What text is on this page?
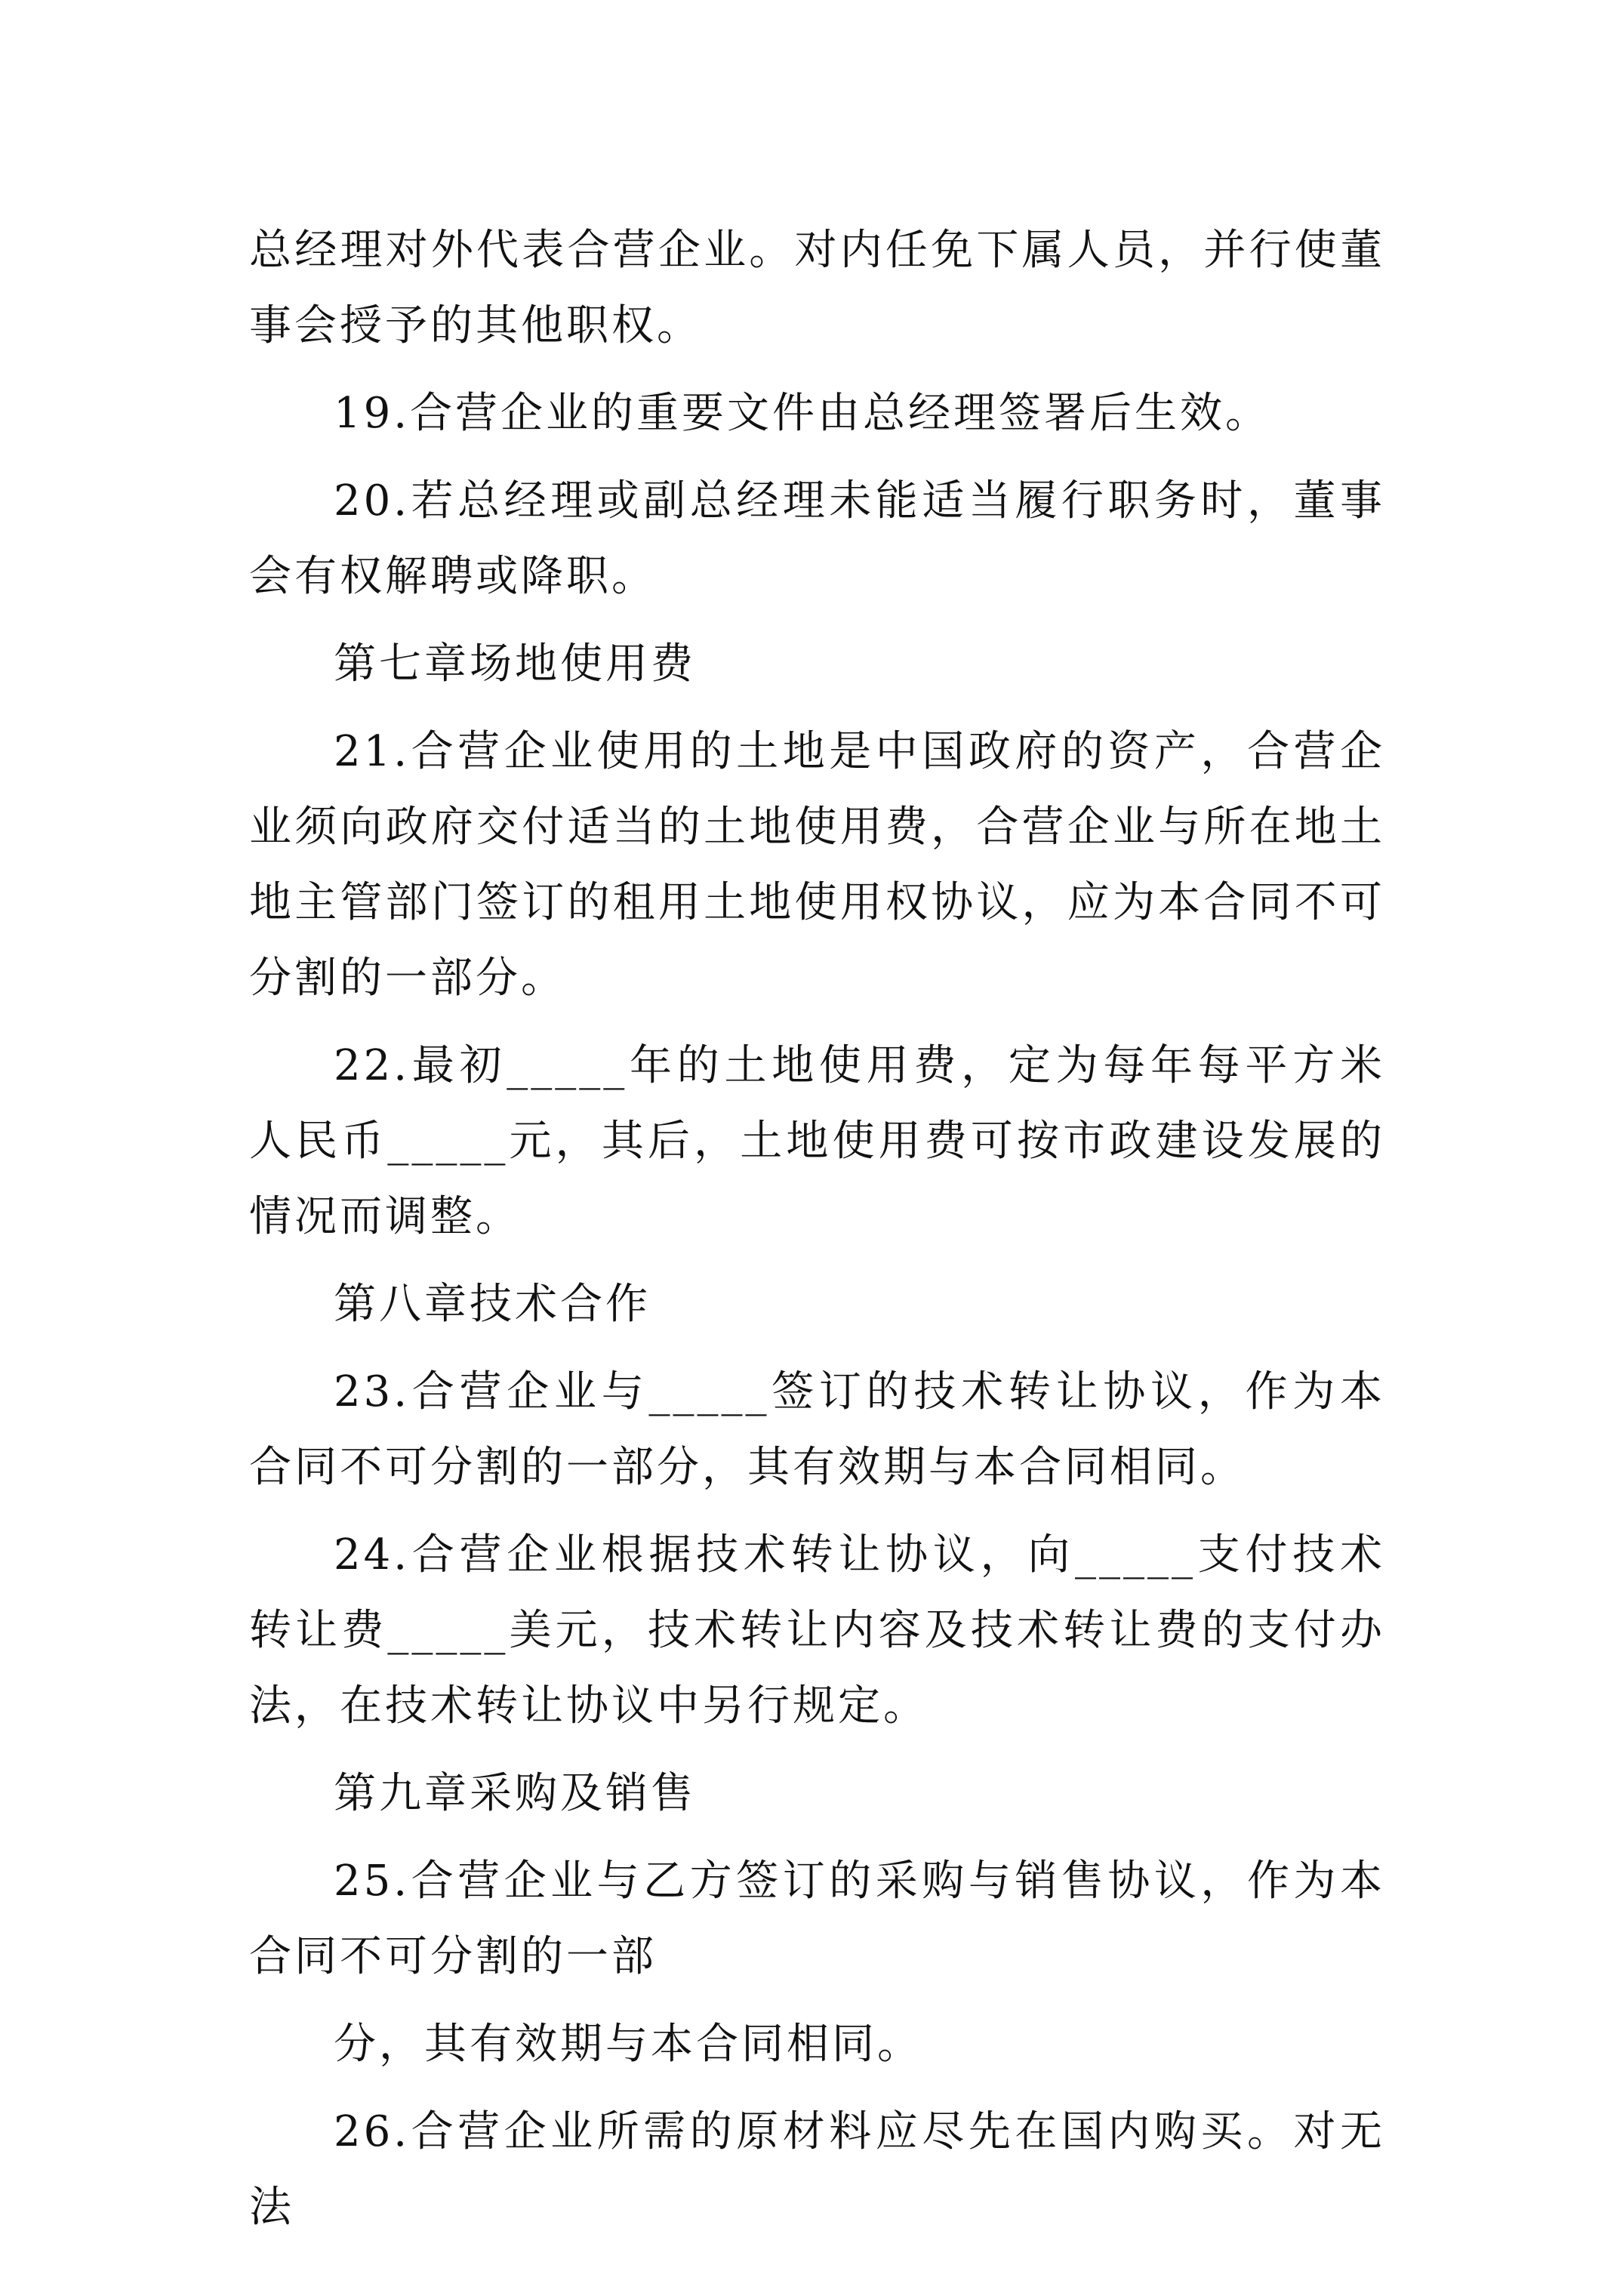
总经理对外代表合营企业。对内任免下属人员，并行使董事会授予的其他职权。

19.合营企业的重要文件由总经理签署后生效。

20.若总经理或副总经理未能适当履行职务时，董事会有权解聘或降职。

第七章场地使用费

21.合营企业使用的土地是中国政府的资产，合营企业须向政府交付适当的土地使用费，合营企业与所在地土地主管部门签订的租用土地使用权协议，应为本合同不可分割的一部分。

22.最初_____年的土地使用费，定为每年每平方米人民币_____元，其后，土地使用费可按市政建设发展的情况而调整。

第八章技术合作

23.合营企业与_____签订的技术转让协议，作为本合同不可分割的一部分，其有效期与本合同相同。

24.合营企业根据技术转让协议，向_____支付技术转让费_____美元，技术转让内容及技术转让费的支付办法，在技术转让协议中另行规定。

第九章采购及销售

25.合营企业与乙方签订的采购与销售协议，作为本合同不可分割的一部

分，其有效期与本合同相同。

26.合营企业所需的原材料应尽先在国内购买。对无法
